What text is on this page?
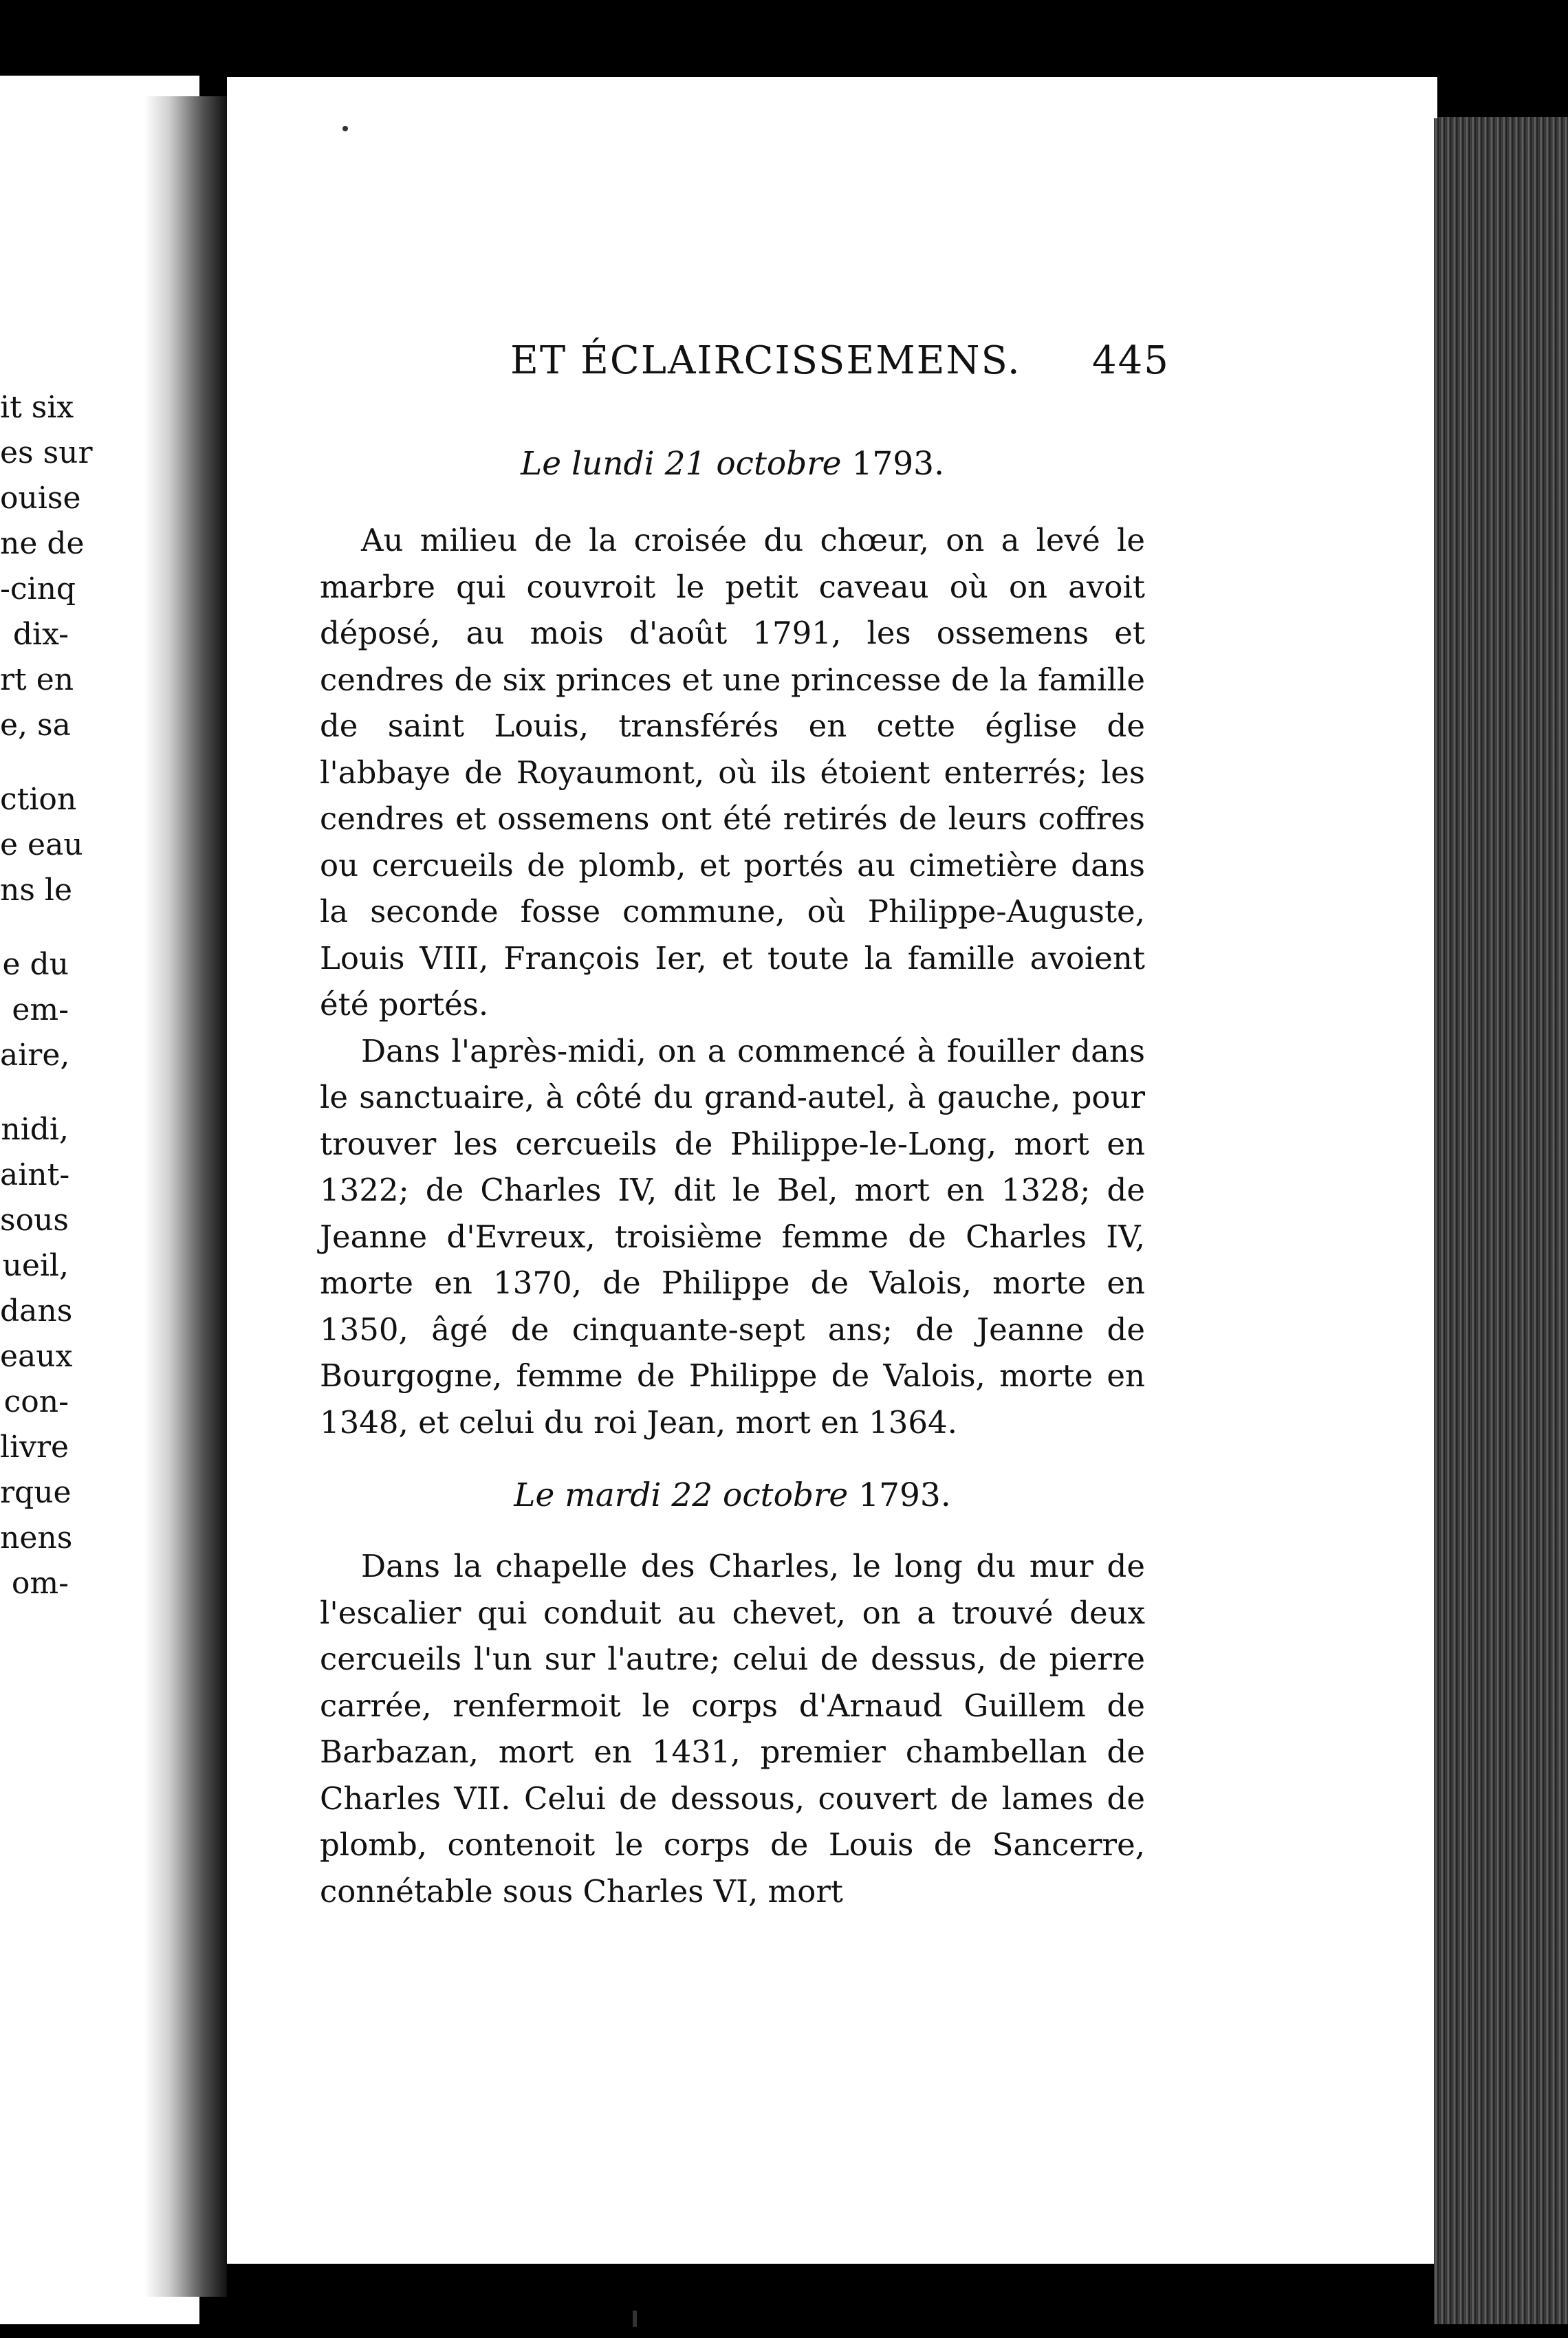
it six
es sur
ouise
ne de
-cinq
dix-
rt en
e, sa
ction
e eau
ns le
e du
em-
aire,
nidi,
aint-
sous
ueil,
dans
eaux
con-
livre
rque
nens
om-
ET ÉCLAIRCISSEMENS. 445

Le lundi 21 octobre 1793.

Au milieu de la croisée du chœur, on a levé le marbre qui couvroit le petit caveau où on avoit déposé, au mois d'août 1791, les ossemens et cendres de six princes et une princesse de la famille de saint Louis, transférés en cette église de l'abbaye de Royaumont, où ils étoient enterrés; les cendres et ossemens ont été retirés de leurs coffres ou cercueils de plomb, et portés au cimetière dans la seconde fosse commune, où Philippe-Auguste, Louis VIII, François Ier, et toute la famille avoient été portés.

Dans l'après-midi, on a commencé à fouiller dans le sanctuaire, à côté du grand-autel, à gauche, pour trouver les cercueils de Philippe-le-Long, mort en 1322; de Charles IV, dit le Bel, mort en 1328; de Jeanne d'Evreux, troisième femme de Charles IV, morte en 1370, de Philippe de Valois, morte en 1350, âgé de cinquante-sept ans; de Jeanne de Bourgogne, femme de Philippe de Valois, morte en 1348, et celui du roi Jean, mort en 1364.

Le mardi 22 octobre 1793.

Dans la chapelle des Charles, le long du mur de l'escalier qui conduit au chevet, on a trouvé deux cercueils l'un sur l'autre; celui de dessus, de pierre carrée, renfermoit le corps d'Arnaud Guillem de Barbazan, mort en 1431, premier chambellan de Charles VII. Celui de dessous, couvert de lames de plomb, contenoit le corps de Louis de Sancerre, connétable sous Charles VI, mort
